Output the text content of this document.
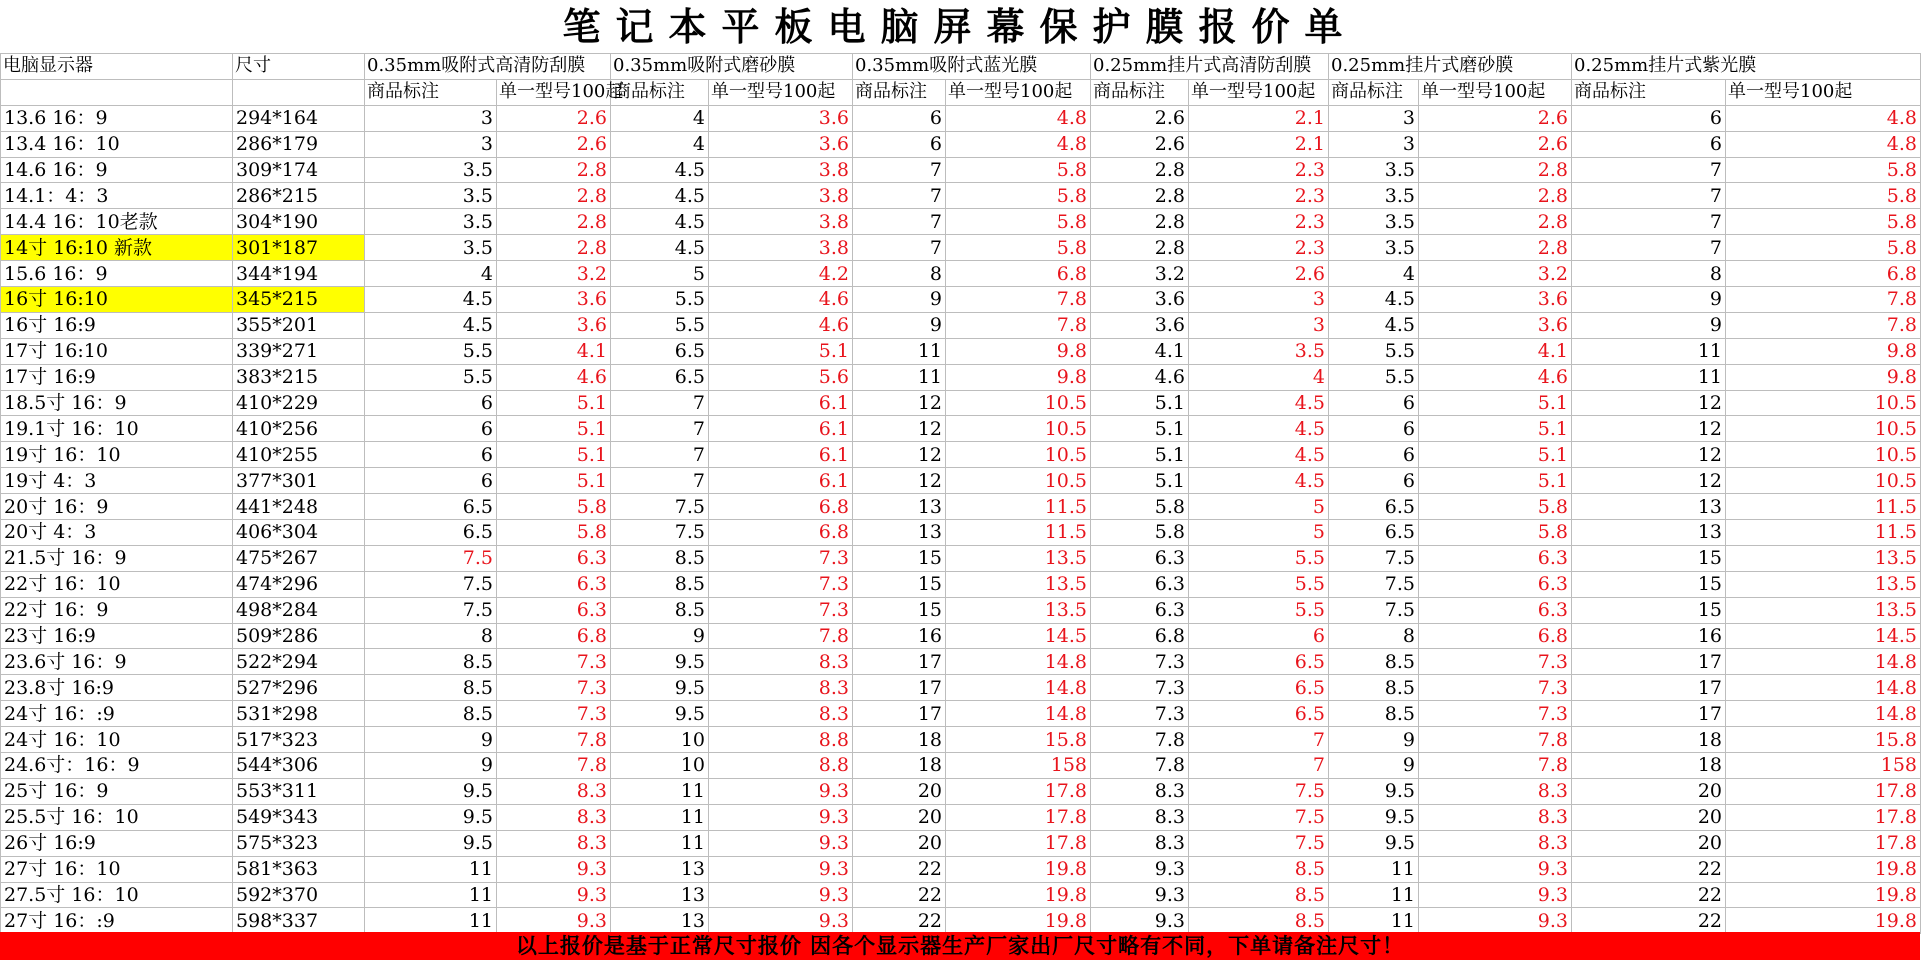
笔记本平板电脑屏幕保护膜报价单
电脑显示器	尺寸	0.35mm吸附式高清防刮膜		0.35mm吸附式磨砂膜		0.35mm吸附式蓝光膜		0.25mm挂片式高清防刮膜		0.25mm挂片式磨砂膜		0.25mm挂片式紫光膜	
		商品标注	单一型号100起	商品标注	单一型号100起	商品标注	单一型号100起	商品标注	单一型号100起	商品标注	单一型号100起	商品标注	单一型号100起
13.6 16：9	294*164	3	2.6	4	3.6	6	4.8	2.6	2.1	3	2.6	6	4.8
13.4 16：10	286*179	3	2.6	4	3.6	6	4.8	2.6	2.1	3	2.6	6	4.8
14.6 16：9	309*174	3.5	2.8	4.5	3.8	7	5.8	2.8	2.3	3.5	2.8	7	5.8
14.1：4：3	286*215	3.5	2.8	4.5	3.8	7	5.8	2.8	2.3	3.5	2.8	7	5.8
14.4 16：10老款	304*190	3.5	2.8	4.5	3.8	7	5.8	2.8	2.3	3.5	2.8	7	5.8
14寸 16:10 新款	301*187	3.5	2.8	4.5	3.8	7	5.8	2.8	2.3	3.5	2.8	7	5.8
15.6 16：9	344*194	4	3.2	5	4.2	8	6.8	3.2	2.6	4	3.2	8	6.8
16寸 16:10	345*215	4.5	3.6	5.5	4.6	9	7.8	3.6	3	4.5	3.6	9	7.8
16寸 16:9	355*201	4.5	3.6	5.5	4.6	9	7.8	3.6	3	4.5	3.6	9	7.8
17寸 16:10	339*271	5.5	4.1	6.5	5.1	11	9.8	4.1	3.5	5.5	4.1	11	9.8
17寸 16:9	383*215	5.5	4.6	6.5	5.6	11	9.8	4.6	4	5.5	4.6	11	9.8
18.5寸 16：9	410*229	6	5.1	7	6.1	12	10.5	5.1	4.5	6	5.1	12	10.5
19.1寸 16：10	410*256	6	5.1	7	6.1	12	10.5	5.1	4.5	6	5.1	12	10.5
19寸 16：10	410*255	6	5.1	7	6.1	12	10.5	5.1	4.5	6	5.1	12	10.5
19寸 4：3	377*301	6	5.1	7	6.1	12	10.5	5.1	4.5	6	5.1	12	10.5
20寸 16：9	441*248	6.5	5.8	7.5	6.8	13	11.5	5.8	5	6.5	5.8	13	11.5
20寸 4：3	406*304	6.5	5.8	7.5	6.8	13	11.5	5.8	5	6.5	5.8	13	11.5
21.5寸 16：9	475*267	7.5	6.3	8.5	7.3	15	13.5	6.3	5.5	7.5	6.3	15	13.5
22寸 16：10	474*296	7.5	6.3	8.5	7.3	15	13.5	6.3	5.5	7.5	6.3	15	13.5
22寸 16：9	498*284	7.5	6.3	8.5	7.3	15	13.5	6.3	5.5	7.5	6.3	15	13.5
23寸 16:9	509*286	8	6.8	9	7.8	16	14.5	6.8	6	8	6.8	16	14.5
23.6寸 16：9	522*294	8.5	7.3	9.5	8.3	17	14.8	7.3	6.5	8.5	7.3	17	14.8
23.8寸 16:9	527*296	8.5	7.3	9.5	8.3	17	14.8	7.3	6.5	8.5	7.3	17	14.8
24寸 16：:9	531*298	8.5	7.3	9.5	8.3	17	14.8	7.3	6.5	8.5	7.3	17	14.8
24寸 16：10	517*323	9	7.8	10	8.8	18	15.8	7.8	7	9	7.8	18	15.8
24.6寸：16：9	544*306	9	7.8	10	8.8	18	158	7.8	7	9	7.8	18	158
25寸 16：9	553*311	9.5	8.3	11	9.3	20	17.8	8.3	7.5	9.5	8.3	20	17.8
25.5寸 16：10	549*343	9.5	8.3	11	9.3	20	17.8	8.3	7.5	9.5	8.3	20	17.8
26寸 16:9	575*323	9.5	8.3	11	9.3	20	17.8	8.3	7.5	9.5	8.3	20	17.8
27寸 16：10	581*363	11	9.3	13	9.3	22	19.8	9.3	8.5	11	9.3	22	19.8
27.5寸 16：10	592*370	11	9.3	13	9.3	22	19.8	9.3	8.5	11	9.3	22	19.8
27寸 16：:9	598*337	11	9.3	13	9.3	22	19.8	9.3	8.5	11	9.3	22	19.8
以上报价是基于正常尺寸报价 因各个显示器生产厂家出厂尺寸略有不同，下单请备注尺寸！
